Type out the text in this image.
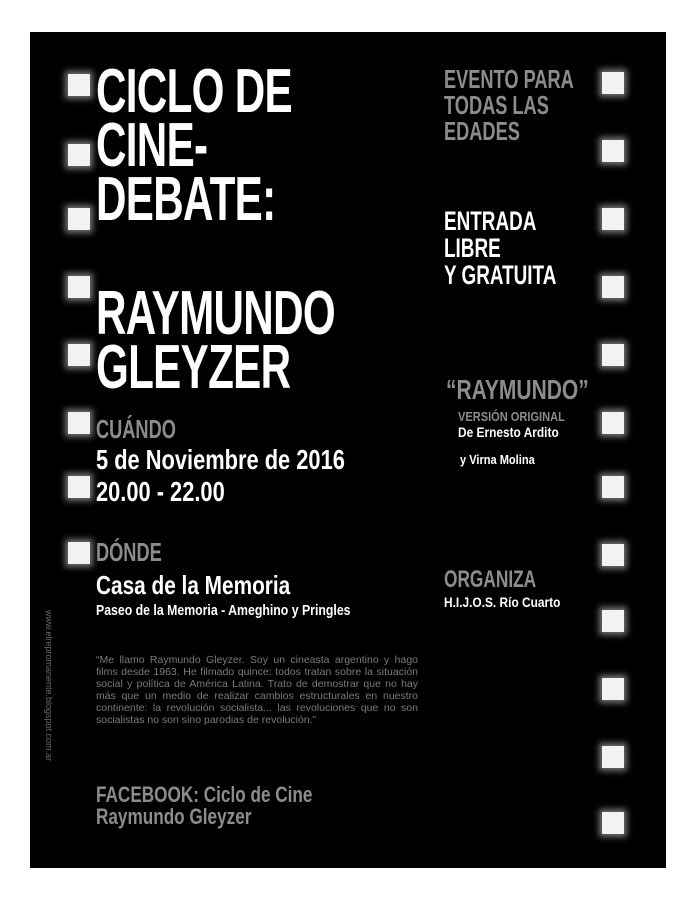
www.elrepromanente.blogspot.com.ar
CICLO DE
CINE-
DEBATE:
RAYMUNDO
GLEYZER
CUÁNDO
5 de Noviembre de 2016
20.00 - 22.00
DÓNDE
Casa de la Memoria
Paseo de la Memoria - Ameghino y Pringles
“Me llamo Raymundo Gleyzer. Soy un cineasta argentino y hago films desde 1963. He filmado quince: todos tratan sobre la situación social y política de América Latina. Trato de demostrar que no hay más que un medio de realizar cambios estructurales en nuestro continente: la revolución socialista... las revoluciones que no son socialistas no son sino parodias de revolución.”
FACEBOOK: Ciclo de Cine
Raymundo Gleyzer
EVENTO PARA
TODAS LAS
EDADES
ENTRADA
LIBRE
Y GRATUITA
“RAYMUNDO”
VERSIÓN ORIGINAL
De Ernesto Ardito
y Virna Molina
ORGANIZA
H.I.J.O.S. Río Cuarto
